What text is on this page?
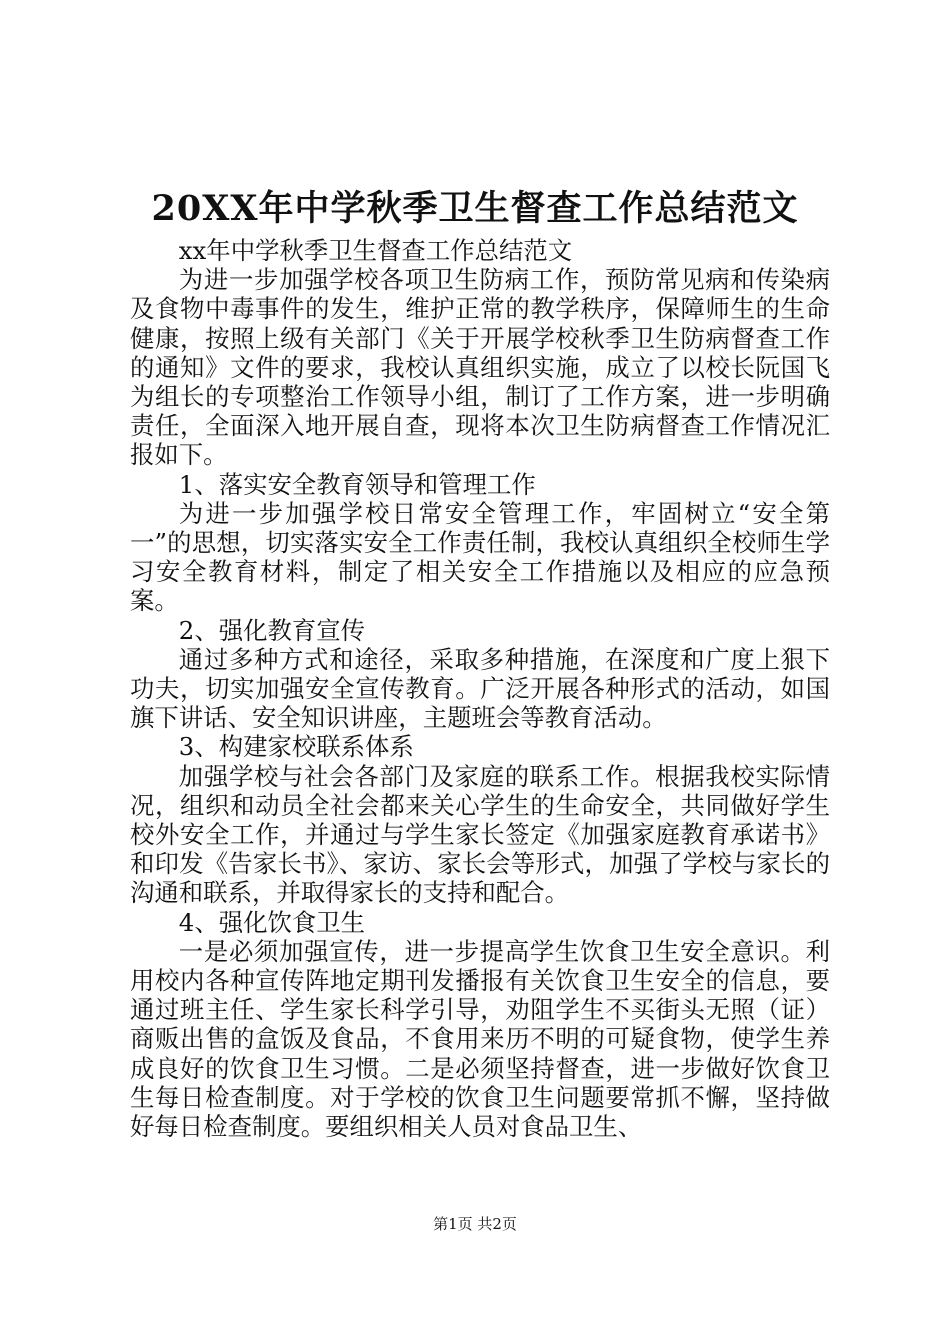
20XX年中学秋季卫生督查工作总结范文

xx年中学秋季卫生督查工作总结范文

为进一步加强学校各项卫生防病工作，预防常见病和传染病及食物中毒事件的发生，维护正常的教学秩序，保障师生的生命健康，按照上级有关部门《关于开展学校秋季卫生防病督查工作的通知》文件的要求，我校认真组织实施，成立了以校长阮国飞为组长的专项整治工作领导小组，制订了工作方案，进一步明确责任，全面深入地开展自查，现将本次卫生防病督查工作情况汇报如下。

1、落实安全教育领导和管理工作

为进一步加强学校日常安全管理工作，牢固树立“安全第一”的思想，切实落实安全工作责任制，我校认真组织全校师生学习安全教育材料，制定了相关安全工作措施以及相应的应急预案。

2、强化教育宣传

通过多种方式和途径，采取多种措施，在深度和广度上狠下功夫，切实加强安全宣传教育。广泛开展各种形式的活动，如国旗下讲话、安全知识讲座，主题班会等教育活动。

3、构建家校联系体系

加强学校与社会各部门及家庭的联系工作。根据我校实际情况，组织和动员全社会都来关心学生的生命安全，共同做好学生校外安全工作，并通过与学生家长签定《加强家庭教育承诺书》和印发《告家长书》、家访、家长会等形式，加强了学校与家长的沟通和联系，并取得家长的支持和配合。

4、强化饮食卫生

一是必须加强宣传，进一步提高学生饮食卫生安全意识。利用校内各种宣传阵地定期刊发播报有关饮食卫生安全的信息，要通过班主任、学生家长科学引导，劝阻学生不买街头无照（证）商贩出售的盒饭及食品，不食用来历不明的可疑食物，使学生养成良好的饮食卫生习惯。二是必须坚持督查，进一步做好饮食卫生每日检查制度。对于学校的饮食卫生问题要常抓不懈，坚持做好每日检查制度。要组织相关人员对食品卫生、

第1页 共2页
